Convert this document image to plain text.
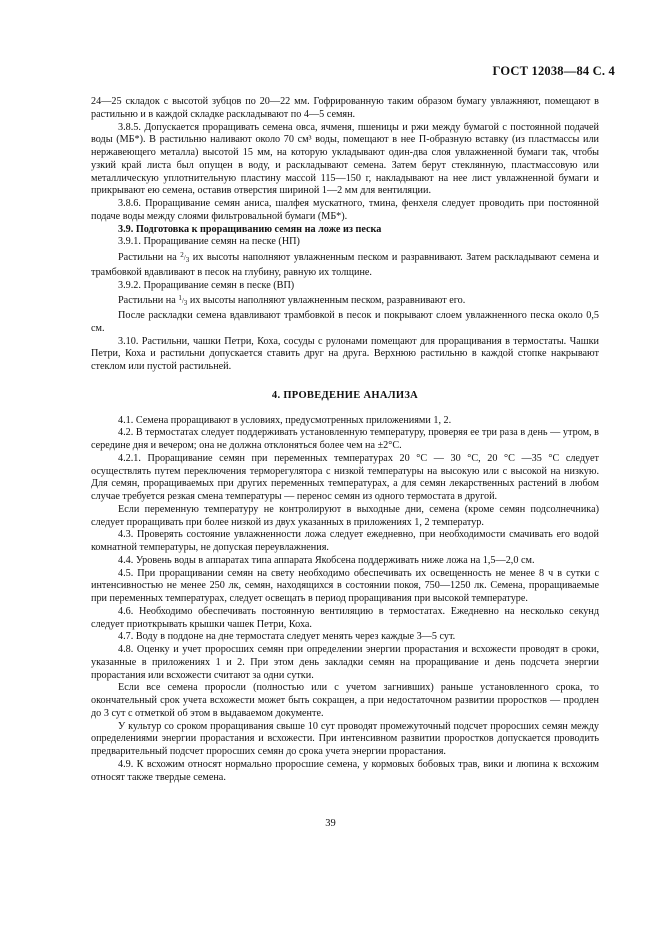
ГОСТ 12038—84 С. 4

24—25 складок с высотой зубцов по 20—22 мм. Гофрированную таким образом бумагу увлажняют, помещают в растильню и в каждой складке раскладывают по 4—5 семян.

3.8.5. Допускается проращивать семена овса, ячменя, пшеницы и ржи между бумагой с постоянной подачей воды (МБ*). В растильню наливают около 70 см³ воды, помещают в нее П-образную вставку (из пластмассы или нержавеющего металла) высотой 15 мм, на которую укладывают один-два слоя увлажненной бумаги так, чтобы узкий край листа был опущен в воду, и раскладывают семена. Затем берут стеклянную, пластмассовую или металлическую уплотнительную пластину массой 115—150 г, накладывают на нее лист увлажненной бумаги и прикрывают ею семена, оставив отверстия шириной 1—2 мм для вентиляции.

3.8.6. Проращивание семян аниса, шалфея мускатного, тмина, фенхеля следует проводить при постоянной подаче воды между слоями фильтровальной бумаги (МБ*).

3.9. Подготовка к проращиванию семян на ложе из песка

3.9.1. Проращивание семян на песке (НП)

Растильни на $^2$/3 их высоты наполняют увлажненным песком и разравнивают. Затем раскладывают семена и трамбовкой вдавливают в песок на глубину, равную их толщине.

3.9.2. Проращивание семян в песке (ВП)

Растильни на $^1$/3 их высоты наполняют увлажненным песком, разравнивают его.

После раскладки семена вдавливают трамбовкой в песок и покрывают слоем увлажненного песка около 0,5 см.

3.10. Растильни, чашки Петри, Коха, сосуды с рулонами помещают для проращивания в термостаты. Чашки Петри, Коха и растильни допускается ставить друг на друга. Верхнюю растильню в каждой стопке накрывают стеклом или пустой растильней.

4. ПРОВЕДЕНИЕ АНАЛИЗА

4.1. Семена проращивают в условиях, предусмотренных приложениями 1, 2.

4.2. В термостатах следует поддерживать установленную температуру, проверяя ее три раза в день — утром, в середине дня и вечером; она не должна отклоняться более чем на ±2°С.

4.2.1. Проращивание семян при переменных температурах 20 °С — 30 °С, 20 °С —35 °С следует осуществлять путем переключения терморегулятора с низкой температуры на высокую или с высокой на низкую. Для семян, проращиваемых при других переменных температурах, а для семян лекарственных растений в любом случае требуется резкая смена температуры — перенос семян из одного термостата в другой.

Если переменную температуру не контролируют в выходные дни, семена (кроме семян подсолнечника) следует проращивать при более низкой из двух указанных в приложениях 1, 2 температур.

4.3. Проверять состояние увлажненности ложа следует ежедневно, при необходимости смачивать его водой комнатной температуры, не допуская переувлажнения.

4.4. Уровень воды в аппаратах типа аппарата Якобсена поддерживать ниже ложа на 1,5—2,0 см.

4.5. При проращивании семян на свету необходимо обеспечивать их освещенность не менее 8 ч в сутки с интенсивностью не менее 250 лк, семян, находящихся в состоянии покоя, 750—1250 лк. Семена, проращиваемые при переменных температурах, следует освещать в период проращивания при высокой температуре.

4.6. Необходимо обеспечивать постоянную вентиляцию в термостатах. Ежедневно на несколько секунд следует приоткрывать крышки чашек Петри, Коха.

4.7. Воду в поддоне на дне термостата следует менять через каждые 3—5 сут.

4.8. Оценку и учет проросших семян при определении энергии прорастания и всхожести проводят в сроки, указанные в приложениях 1 и 2. При этом день закладки семян на проращивание и день подсчета энергии прорастания или всхожести считают за одни сутки.

Если все семена проросли (полностью или с учетом загнивших) раньше установленного срока, то окончательный срок учета всхожести может быть сокращен, а при недостаточном развитии проростков — продлен до 3 сут с отметкой об этом в выдаваемом документе.

У культур со сроком проращивания свыше 10 сут проводят промежуточный подсчет проросших семян между определениями энергии прорастания и всхожести. При интенсивном развитии проростков допускается проводить предварительный подсчет проросших семян до срока учета энергии прорастания.

4.9. К всхожим относят нормально проросшие семена, у кормовых бобовых трав, вики и люпина к всхожим относят также твердые семена.

39
